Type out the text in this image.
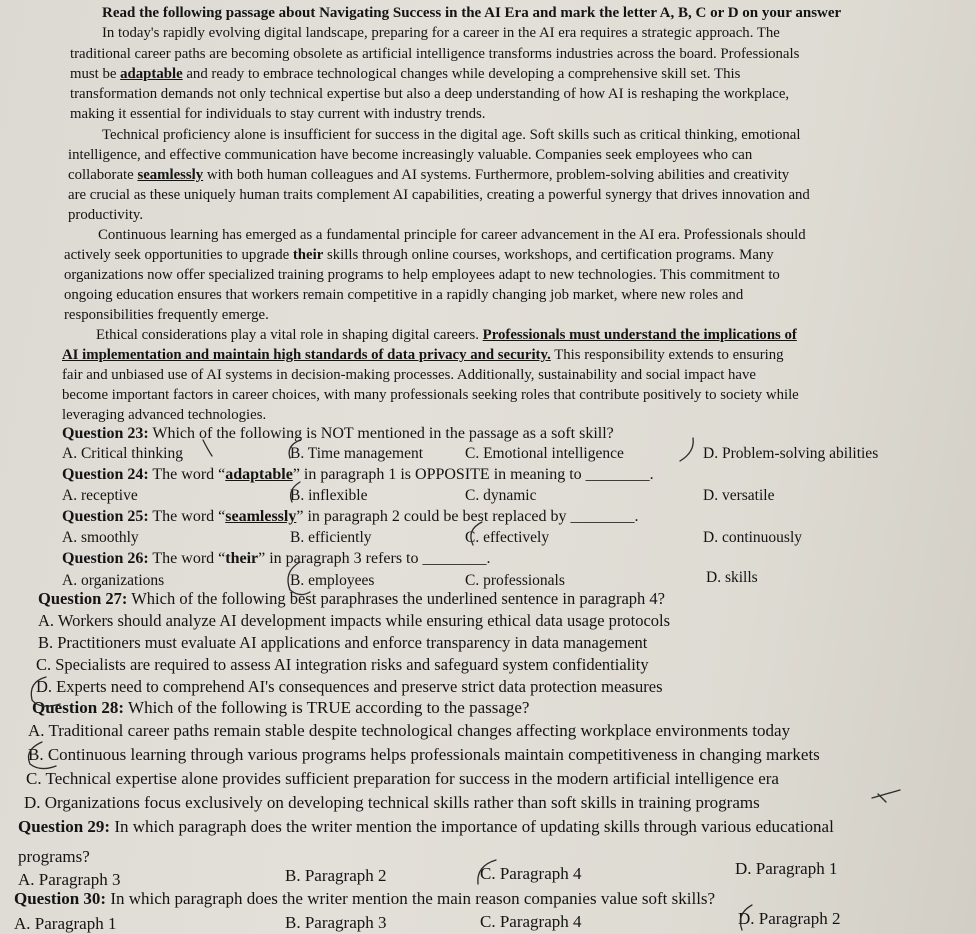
Read the following passage about Navigating Success in the AI Era and mark the letter A, B, C or D on your answer
In today's rapidly evolving digital landscape, preparing for a career in the AI era requires a strategic approach. The
traditional career paths are becoming obsolete as artificial intelligence transforms industries across the board. Professionals
must be adaptable and ready to embrace technological changes while developing a comprehensive skill set. This
transformation demands not only technical expertise but also a deep understanding of how AI is reshaping the workplace,
making it essential for individuals to stay current with industry trends.
Technical proficiency alone is insufficient for success in the digital age. Soft skills such as critical thinking, emotional
intelligence, and effective communication have become increasingly valuable. Companies seek employees who can
collaborate seamlessly with both human colleagues and AI systems. Furthermore, problem-solving abilities and creativity
are crucial as these uniquely human traits complement AI capabilities, creating a powerful synergy that drives innovation and
productivity.
Continuous learning has emerged as a fundamental principle for career advancement in the AI era. Professionals should
actively seek opportunities to upgrade their skills through online courses, workshops, and certification programs. Many
organizations now offer specialized training programs to help employees adapt to new technologies. This commitment to
ongoing education ensures that workers remain competitive in a rapidly changing job market, where new roles and
responsibilities frequently emerge.
Ethical considerations play a vital role in shaping digital careers. Professionals must understand the implications of
AI implementation and maintain high standards of data privacy and security. This responsibility extends to ensuring
fair and unbiased use of AI systems in decision-making processes. Additionally, sustainability and social impact have
become important factors in career choices, with many professionals seeking roles that contribute positively to society while
leveraging advanced technologies.
Question 23: Which of the following is NOT mentioned in the passage as a soft skill?
A. Critical thinking	B. Time management	C. Emotional intelligence	D. Problem-solving abilities
Question 24: The word “adaptable” in paragraph 1 is OPPOSITE in meaning to ________.
A. receptive	B. inflexible	C. dynamic	D. versatile
Question 25: The word “seamlessly” in paragraph 2 could be best replaced by ________.
A. smoothly	B. efficiently	C. effectively	D. continuously
Question 26: The word “their” in paragraph 3 refers to ________.
A. organizations	B. employees	C. professionals	D. skills
Question 27: Which of the following best paraphrases the underlined sentence in paragraph 4?
A. Workers should analyze AI development impacts while ensuring ethical data usage protocols
B. Practitioners must evaluate AI applications and enforce transparency in data management
C. Specialists are required to assess AI integration risks and safeguard system confidentiality
D. Experts need to comprehend AI's consequences and preserve strict data protection measures
Question 28: Which of the following is TRUE according to the passage?
A. Traditional career paths remain stable despite technological changes affecting workplace environments today
B. Continuous learning through various programs helps professionals maintain competitiveness in changing markets
C. Technical expertise alone provides sufficient preparation for success in the modern artificial intelligence era
D. Organizations focus exclusively on developing technical skills rather than soft skills in training programs
Question 29: In which paragraph does the writer mention the importance of updating skills through various educational
programs?
A. Paragraph 3	B. Paragraph 2	C. Paragraph 4	D. Paragraph 1
Question 30: In which paragraph does the writer mention the main reason companies value soft skills?
A. Paragraph 1	B. Paragraph 3	C. Paragraph 4	D. Paragraph 2
